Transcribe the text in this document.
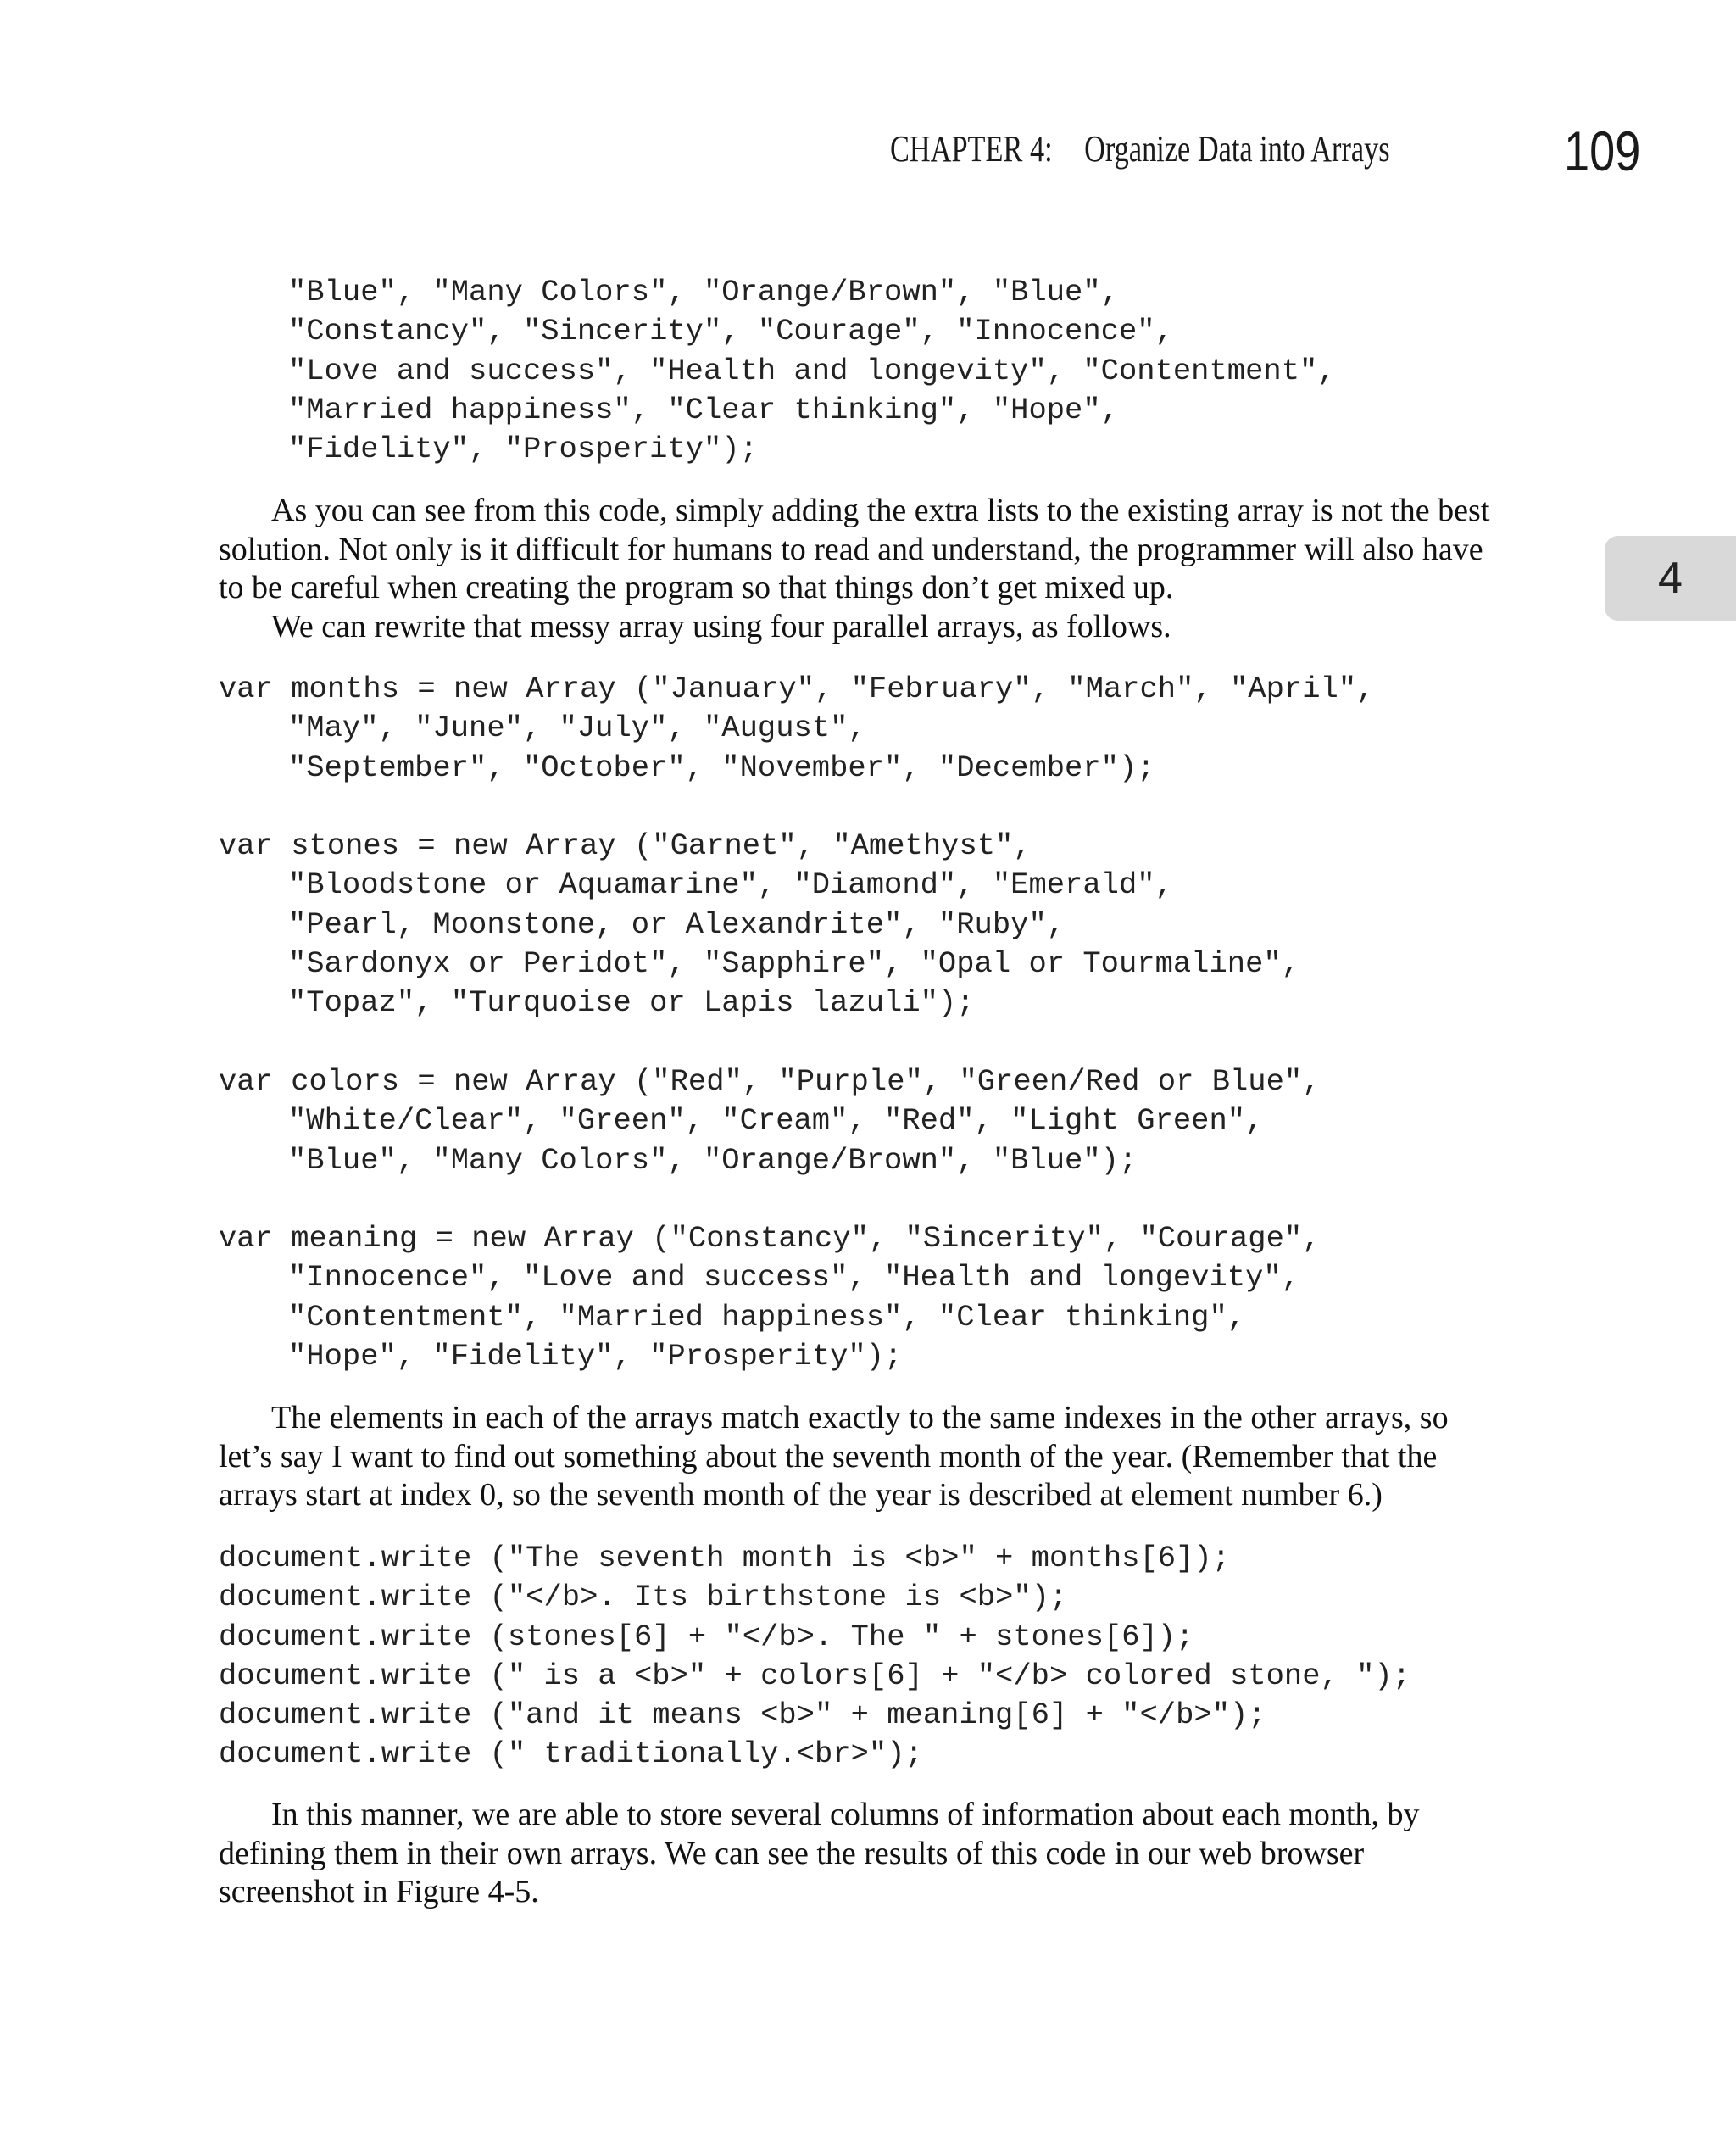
CHAPTER 4: Organize Data into Arrays	109
4
"Blue", "Many Colors", "Orange/Brown", "Blue",
"Constancy", "Sincerity", "Courage", "Innocence",
"Love and success", "Health and longevity", "Contentment",
"Married happiness", "Clear thinking", "Hope",
"Fidelity", "Prosperity");

As you can see from this code, simply adding the extra lists to the existing array is not the best solution. Not only is it difficult for humans to read and understand, the programmer will also have to be careful when creating the program so that things don’t get mixed up.

We can rewrite that messy array using four parallel arrays, as follows.

var months = new Array ("January", "February", "March", "April",
"May", "June", "July", "August",
"September", "October", "November", "December");
var stones = new Array ("Garnet", "Amethyst",
"Bloodstone or Aquamarine", "Diamond", "Emerald",
"Pearl, Moonstone, or Alexandrite", "Ruby",
"Sardonyx or Peridot", "Sapphire", "Opal or Tourmaline",
"Topaz", "Turquoise or Lapis lazuli");
var colors = new Array ("Red", "Purple", "Green/Red or Blue",
"White/Clear", "Green", "Cream", "Red", "Light Green",
"Blue", "Many Colors", "Orange/Brown", "Blue");
var meaning = new Array ("Constancy", "Sincerity", "Courage",
"Innocence", "Love and success", "Health and longevity",
"Contentment", "Married happiness", "Clear thinking",
"Hope", "Fidelity", "Prosperity");

The elements in each of the arrays match exactly to the same indexes in the other arrays, so let’s say I want to find out something about the seventh month of the year. (Remember that the arrays start at index 0, so the seventh month of the year is described at element number 6.)

document.write ("The seventh month is <b>" + months[6]);
document.write ("</b>. Its birthstone is <b>");
document.write (stones[6] + "</b>. The " + stones[6]);
document.write (" is a <b>" + colors[6] + "</b> colored stone, ");
document.write ("and it means <b>" + meaning[6] + "</b>");
document.write (" traditionally.<br>");

In this manner, we are able to store several columns of information about each month, by defining them in their own arrays. We can see the results of this code in our web browser screenshot in Figure 4-5.
